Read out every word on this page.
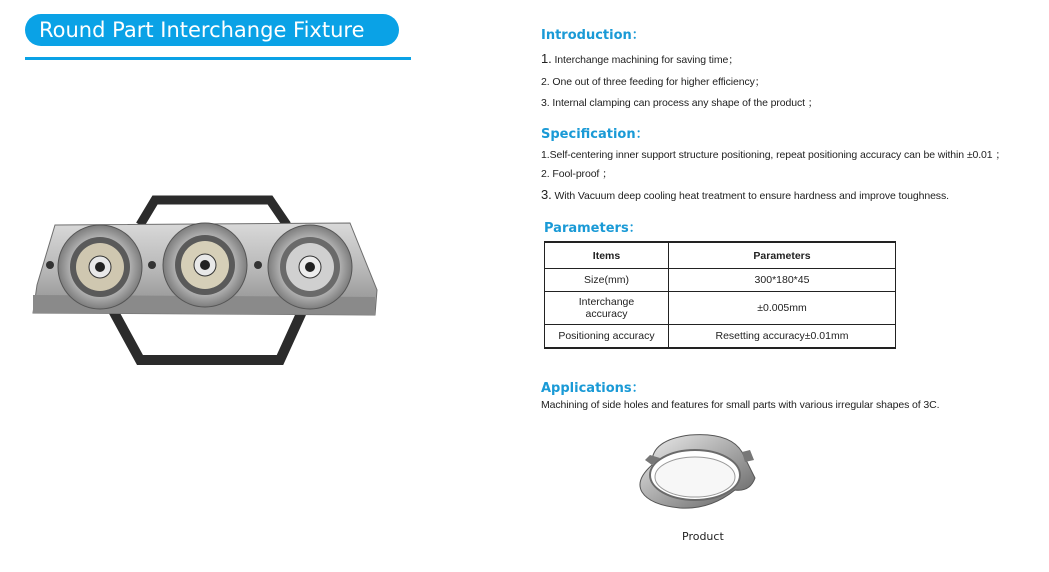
Round Part Interchange Fixture	Introduction：
1. Interchange machining for saving time；
2. One out of three feeding for higher efficiency；
3. Internal clamping can process any shape of the product ；
Specification：
1.Self-centering inner support structure positioning, repeat positioning accuracy can be within ±0.01 ；
2. Fool-proof ；
3. With Vacuum deep cooling heat treatment to ensure hardness and improve toughness.
Parameters：
Items	Parameters
Size(mm)	300*180*45
Interchange
accuracy	±0.005mm
Positioning accuracy	Resetting accuracy±0.01mm
Applications：
Machining of side holes and features for small parts with various irregular shapes of 3C.
Product
